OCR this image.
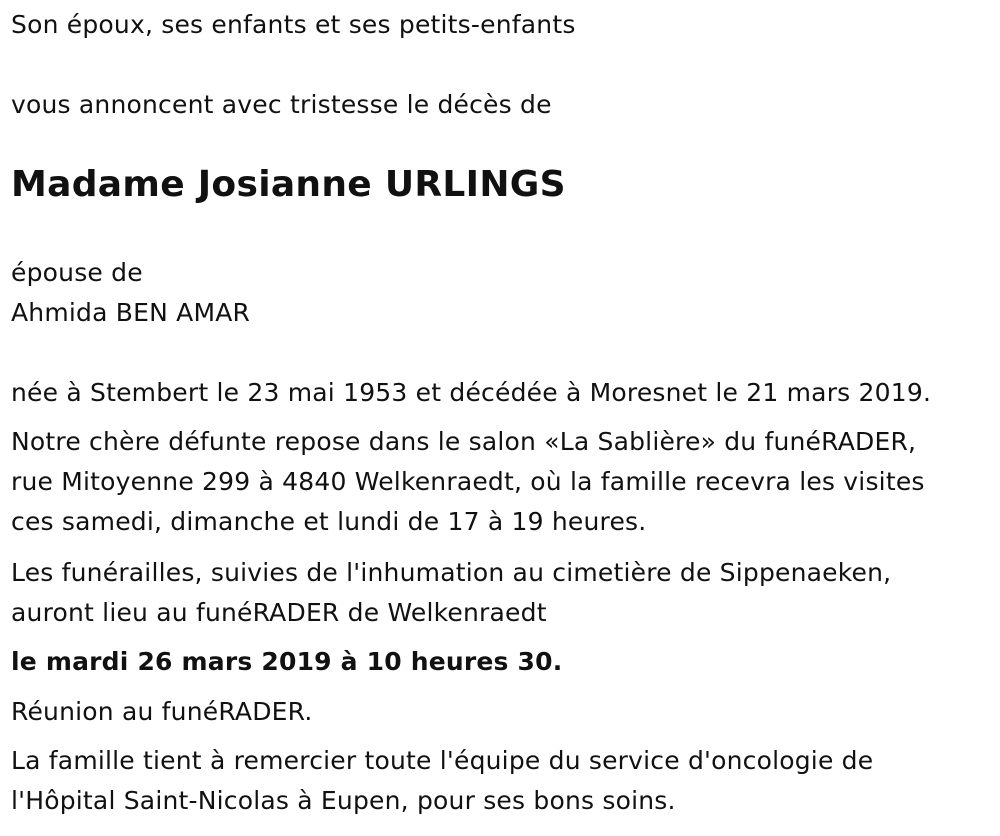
Son époux, ses enfants et ses petits-enfants
vous annoncent avec tristesse le décès de
Madame Josianne URLINGS
épouse de
Ahmida BEN AMAR
née à Stembert le 23 mai 1953 et décédée à Moresnet le 21 mars 2019.
Notre chère défunte repose dans le salon «La Sablière» du funéRADER,
rue Mitoyenne 299 à 4840 Welkenraedt, où la famille recevra les visites
ces samedi, dimanche et lundi de 17 à 19 heures.
Les funérailles, suivies de l'inhumation au cimetière de Sippenaeken,
auront lieu au funéRADER de Welkenraedt
le mardi 26 mars 2019 à 10 heures 30.
Réunion au funéRADER.
La famille tient à remercier toute l'équipe du service d'oncologie de
l'Hôpital Saint-Nicolas à Eupen, pour ses bons soins.
